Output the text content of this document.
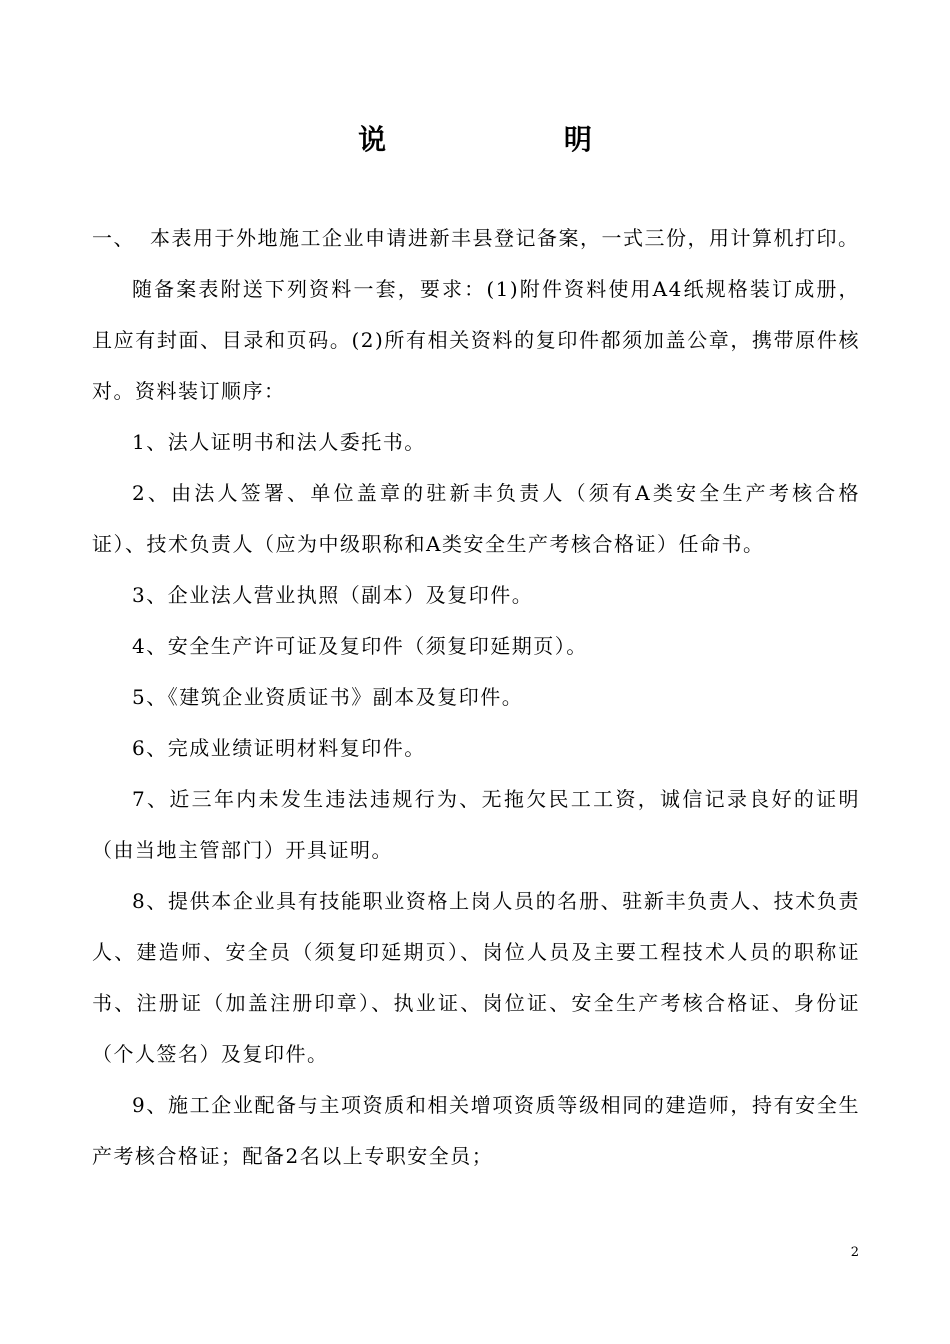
说 明
一、 本表用于外地施工企业申请进新丰县登记备案，一式三份，用计算机打印。

随备案表附送下列资料一套，要求：(1)附件资料使用A4纸规格装订成册，且应有封面、目录和页码。(2)所有相关资料的复印件都须加盖公章，携带原件核对。资料装订顺序：

1、法人证明书和法人委托书。

2、由法人签署、单位盖章的驻新丰负责人（须有A类安全生产考核合格证）、技术负责人（应为中级职称和A类安全生产考核合格证）任命书。

3、企业法人营业执照（副本）及复印件。

4、安全生产许可证及复印件（须复印延期页）。

5、《建筑企业资质证书》副本及复印件。

6、完成业绩证明材料复印件。

7、近三年内未发生违法违规行为、无拖欠民工工资，诚信记录良好的证明（由当地主管部门）开具证明。

8、提供本企业具有技能职业资格上岗人员的名册、驻新丰负责人、技术负责人、建造师、安全员（须复印延期页）、岗位人员及主要工程技术人员的职称证书、注册证（加盖注册印章）、执业证、岗位证、安全生产考核合格证、身份证（个人签名）及复印件。

9、施工企业配备与主项资质和相关增项资质等级相同的建造师，持有安全生产考核合格证；配备2名以上专职安全员；

2
